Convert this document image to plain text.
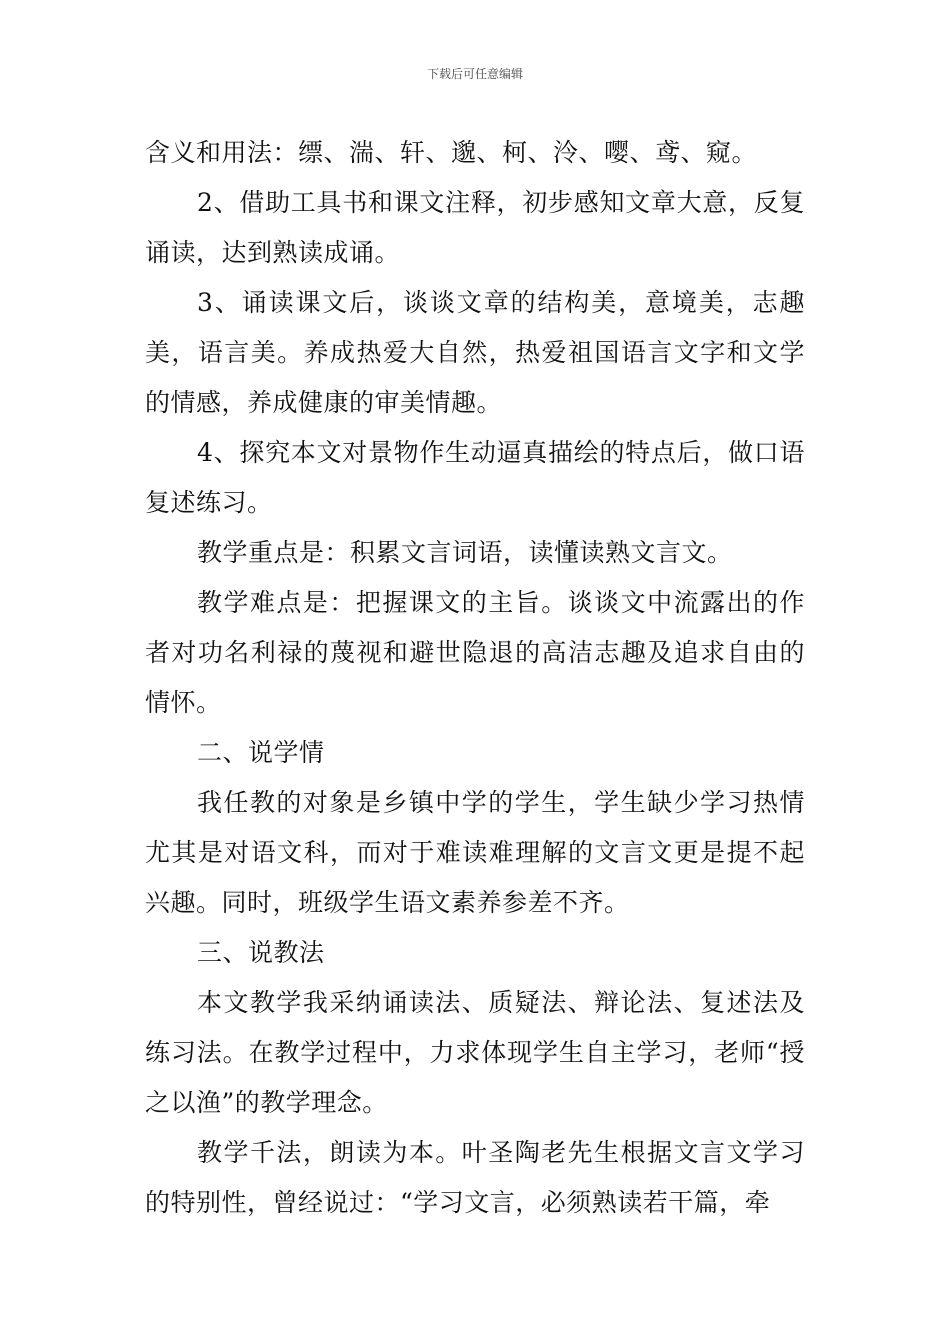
下载后可任意编辑

含义和用法：缥、湍、轩、邈、柯、泠、嘤、鸢、窥。

2、借助工具书和课文注释，初步感知文章大意，反复诵读，达到熟读成诵。

3、诵读课文后，谈谈文章的结构美，意境美，志趣美，语言美。养成热爱大自然，热爱祖国语言文字和文学的情感，养成健康的审美情趣。

4、探究本文对景物作生动逼真描绘的特点后，做口语复述练习。

教学重点是：积累文言词语，读懂读熟文言文。

教学难点是：把握课文的主旨。谈谈文中流露出的作者对功名利禄的蔑视和避世隐退的高洁志趣及追求自由的情怀。

二、说学情

我任教的对象是乡镇中学的学生，学生缺少学习热情尤其是对语文科，而对于难读难理解的文言文更是提不起兴趣。同时，班级学生语文素养参差不齐。

三、说教法

本文教学我采纳诵读法、质疑法、辩论法、复述法及练习法。在教学过程中，力求体现学生自主学习，老师“授之以渔”的教学理念。

教学千法，朗读为本。叶圣陶老先生根据文言文学习的特别性，曾经说过：“学习文言，必须熟读若干篇，牵
